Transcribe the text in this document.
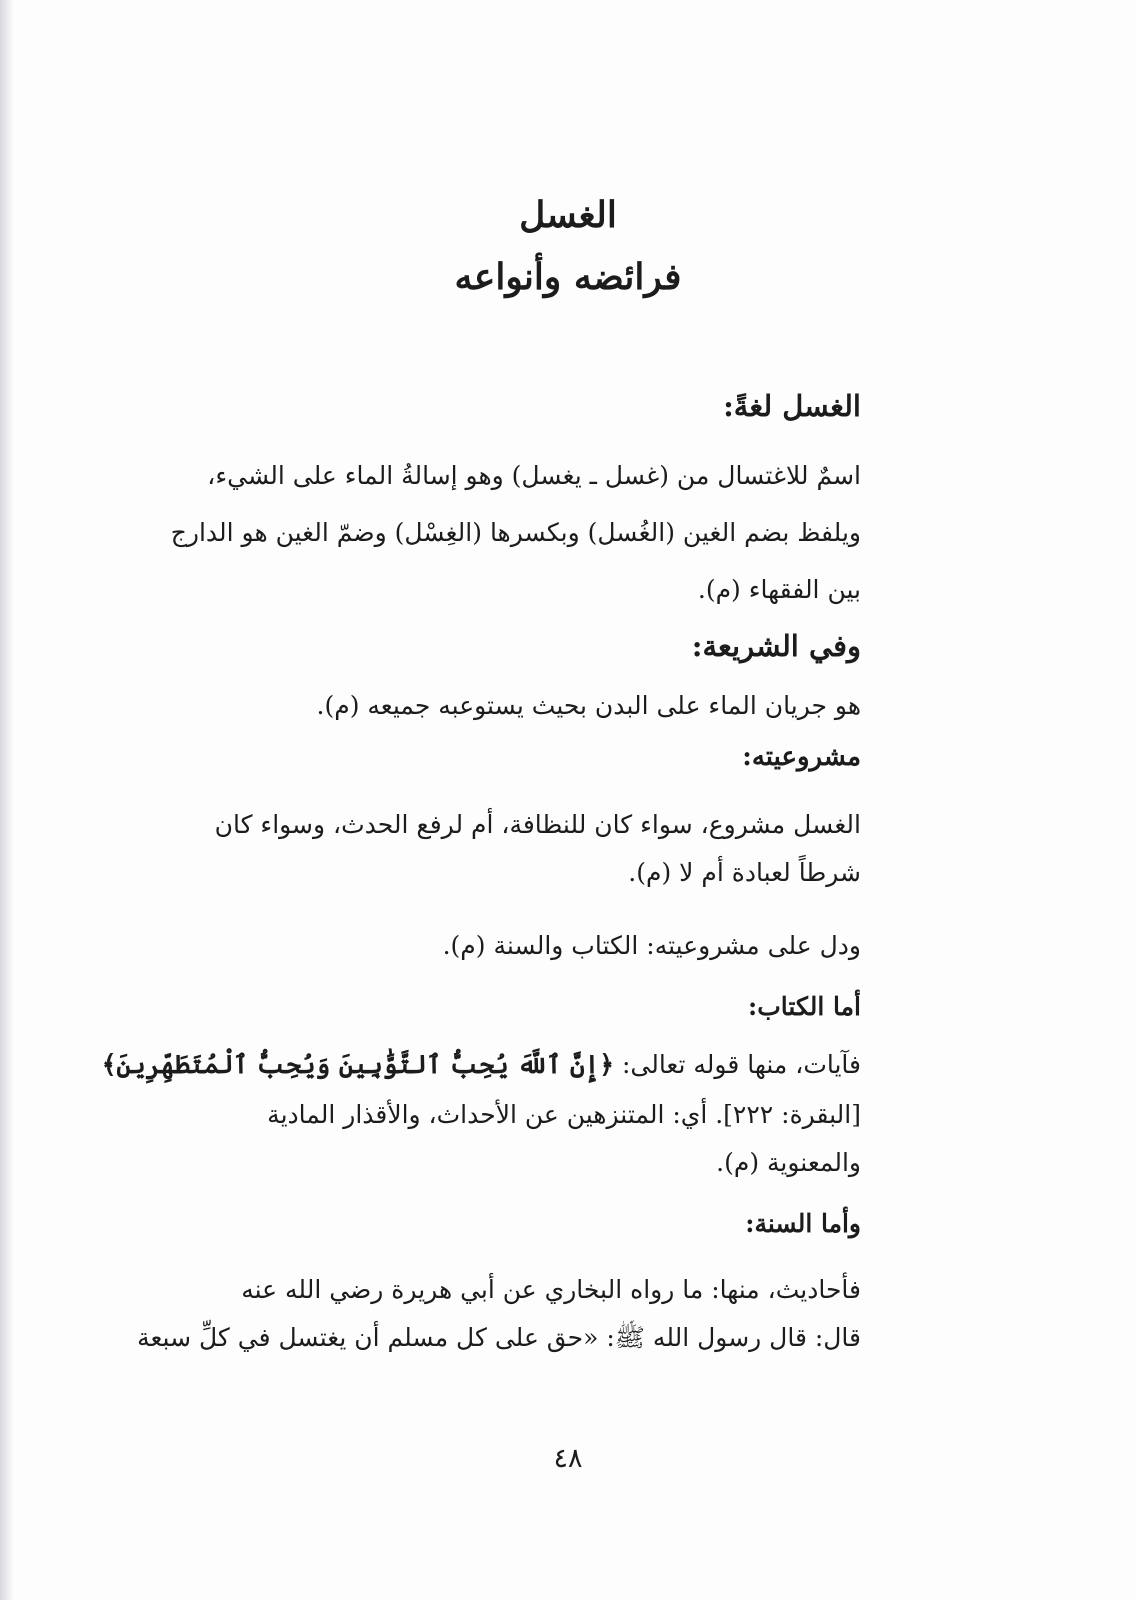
الغسل
فرائضه وأنواعه
الغسل لغةً:
اسمٌ للاغتسال من (غسل ـ يغسل) وهو إسالةُ الماء على الشيء،
ويلفظ بضم الغين (الغُسل) وبكسرها (الغِسْل) وضمّ الغين هو الدارج
بين الفقهاء (م).
وفي الشريعة:
هو جريان الماء على البدن بحيث يستوعبه جميعه (م).
مشروعيته:
الغسل مشروع، سواء كان للنظافة، أم لرفع الحدث، وسواء كان
شرطاً لعبادة أم لا (م).
ودل على مشروعيته: الكتاب والسنة (م).
أما الكتاب:
فآيات، منها قوله تعالى: ﴿إِنَّ ٱللَّهَ يُحِبُّ ٱلتَّوَّٰبِينَ وَيُحِبُّ ٱلْمُتَطَهِّرِينَ﴾
[البقرة: ٢٢٢]. أي: المتنزهين عن الأحداث، والأقذار المادية
والمعنوية (م).
وأما السنة:
فأحاديث، منها: ما رواه البخاري عن أبي هريرة رضي الله عنه
قال: قال رسول الله ﷺ: «حق على كل مسلم أن يغتسل في كلِّ سبعة
٤٨
